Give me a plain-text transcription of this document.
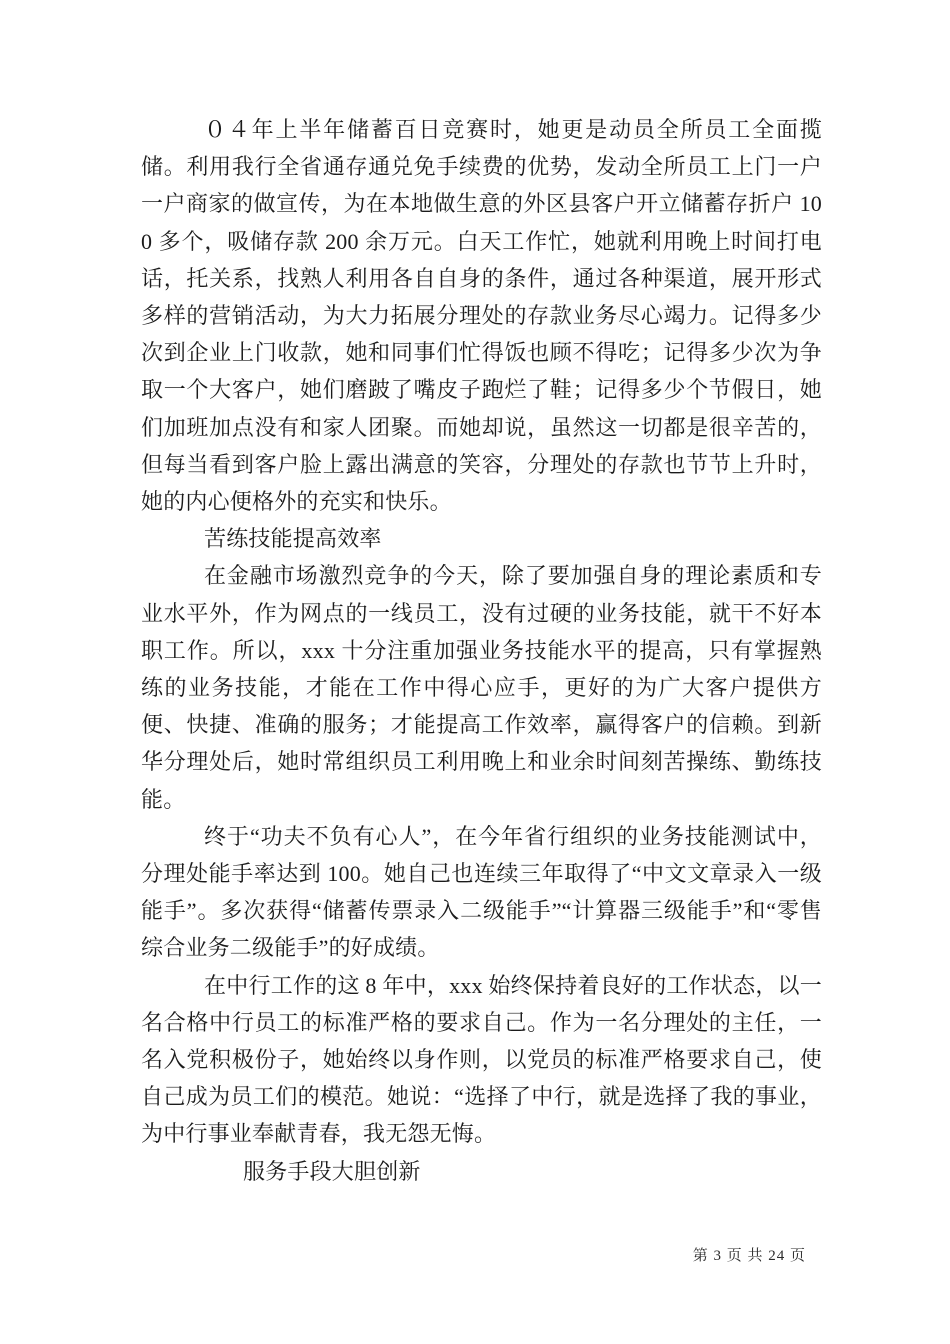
０４年上半年储蓄百日竞赛时，她更是动员全所员工全面揽储。利用我行全省通存通兑免手续费的优势，发动全所员工上门一户一户商家的做宣传，为在本地做生意的外区县客户开立储蓄存折户 100 多个，吸储存款 200 余万元。白天工作忙，她就利用晚上时间打电话，托关系，找熟人利用各自自身的条件，通过各种渠道，展开形式多样的营销活动，为大力拓展分理处的存款业务尽心竭力。记得多少次到企业上门收款，她和同事们忙得饭也顾不得吃；记得多少次为争取一个大客户，她们磨跛了嘴皮子跑烂了鞋；记得多少个节假日，她们加班加点没有和家人团聚。而她却说，虽然这一切都是很辛苦的，但每当看到客户脸上露出满意的笑容，分理处的存款也节节上升时，她的内心便格外的充实和快乐。

苦练技能提高效率

在金融市场激烈竞争的今天，除了要加强自身的理论素质和专业水平外，作为网点的一线员工，没有过硬的业务技能，就干不好本职工作。所以，xxx 十分注重加强业务技能水平的提高，只有掌握熟练的业务技能，才能在工作中得心应手，更好的为广大客户提供方便、快捷、准确的服务；才能提高工作效率，赢得客户的信赖。到新华分理处后，她时常组织员工利用晚上和业余时间刻苦操练、勤练技能。

终于“功夫不负有心人”，在今年省行组织的业务技能测试中，分理处能手率达到 100。她自己也连续三年取得了“中文文章录入一级能手”。多次获得“储蓄传票录入二级能手”“计算器三级能手”和“零售综合业务二级能手”的好成绩。

在中行工作的这 8 年中，xxx 始终保持着良好的工作状态，以一名合格中行员工的标准严格的要求自己。作为一名分理处的主任，一名入党积极份子，她始终以身作则，以党员的标准严格要求自己，使自己成为员工们的模范。她说：“选择了中行，就是选择了我的事业，为中行事业奉献青春，我无怨无悔。

服务手段大胆创新

第 3 页 共 24 页
